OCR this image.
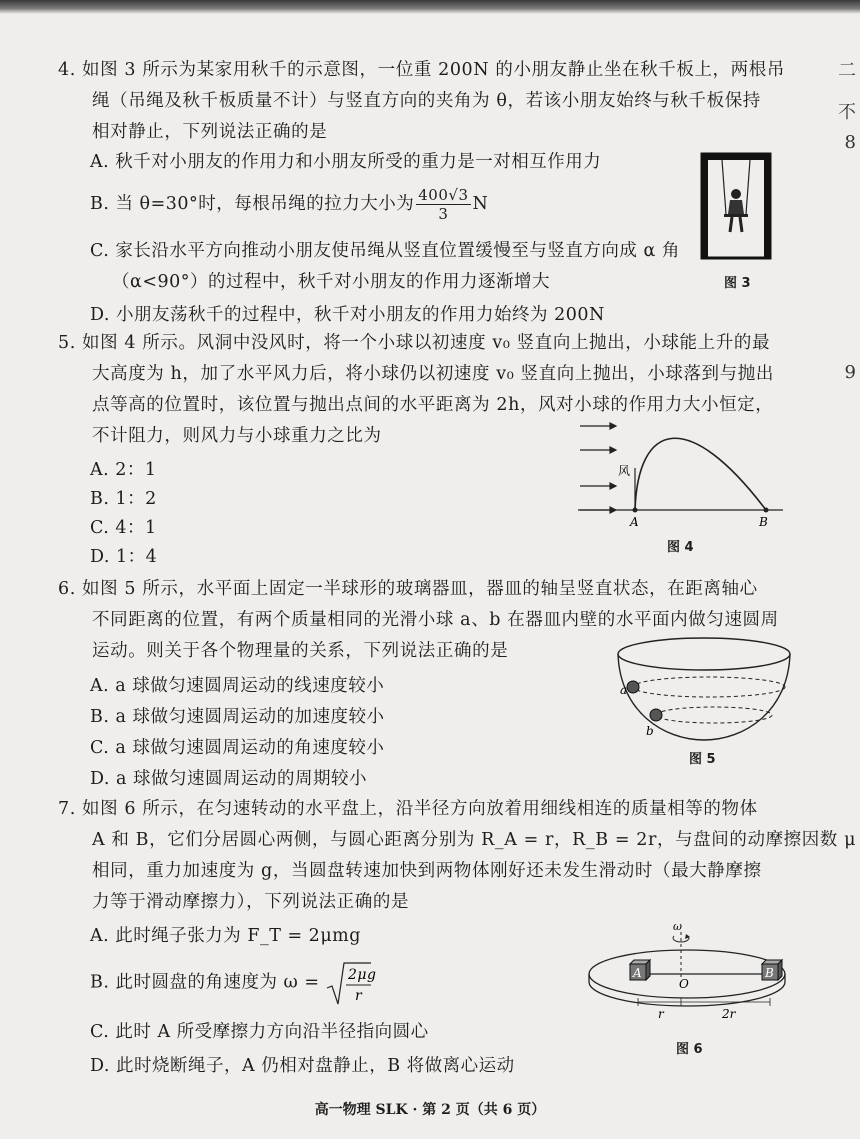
二
不
8
9
4. 如图 3 所示为某家用秋千的示意图，一位重 200N 的小朋友静止坐在秋千板上，两根吊
绳（吊绳及秋千板质量不计）与竖直方向的夹角为 θ，若该小朋友始终与秋千板保持
相对静止，下列说法正确的是
A. 秋千对小朋友的作用力和小朋友所受的重力是一对相互作用力
B. 当 θ=30°时，每根吊绳的拉力大小为 $\frac{400√3}{3}$ N
C. 家长沿水平方向推动小朋友使吊绳从竖直位置缓慢至与竖直方向成 α 角
（α<90°）的过程中，秋千对小朋友的作用力逐渐增大
D. 小朋友荡秋千的过程中，秋千对小朋友的作用力始终为 200N
图 3
5. 如图 4 所示。风洞中没风时，将一个小球以初速度 v₀ 竖直向上抛出，小球能上升的最
大高度为 h，加了水平风力后，将小球仍以初速度 v₀ 竖直向上抛出，小球落到与抛出
点等高的位置时，该位置与抛出点间的水平距离为 2h，风对小球的作用力大小恒定，
不计阻力，则风力与小球重力之比为
A. 2：1
B. 1：2
C. 4：1
D. 1：4
风
A	B
图 4
6. 如图 5 所示，水平面上固定一半球形的玻璃器皿，器皿的轴呈竖直状态，在距离轴心
不同距离的位置，有两个质量相同的光滑小球 a、b 在器皿内壁的水平面内做匀速圆周
运动。则关于各个物理量的关系，下列说法正确的是
A. a 球做匀速圆周运动的线速度较小
B. a 球做匀速圆周运动的加速度较小
C. a 球做匀速圆周运动的角速度较小
D. a 球做匀速圆周运动的周期较小
a
b
图 5
7. 如图 6 所示，在匀速转动的水平盘上，沿半径方向放着用细线相连的质量相等的物体
A 和 B，它们分居圆心两侧，与圆心距离分别为 R_A = r，R_B = 2r，与盘间的动摩擦因数 μ
相同，重力加速度为 g，当圆盘转速加快到两物体刚好还未发生滑动时（最大静摩擦
力等于滑动摩擦力），下列说法正确的是
A. 此时绳子张力为 F_T = 2μmg
B. 此时圆盘的角速度为 ω = 2μg
r
C. 此时 A 所受摩擦力方向沿半径指向圆心
D. 此时烧断绳子，A 仍相对盘静止，B 将做离心运动
ω
A	B
O
r	2r
图 6
高一物理 SLK · 第 2 页（共 6 页）
